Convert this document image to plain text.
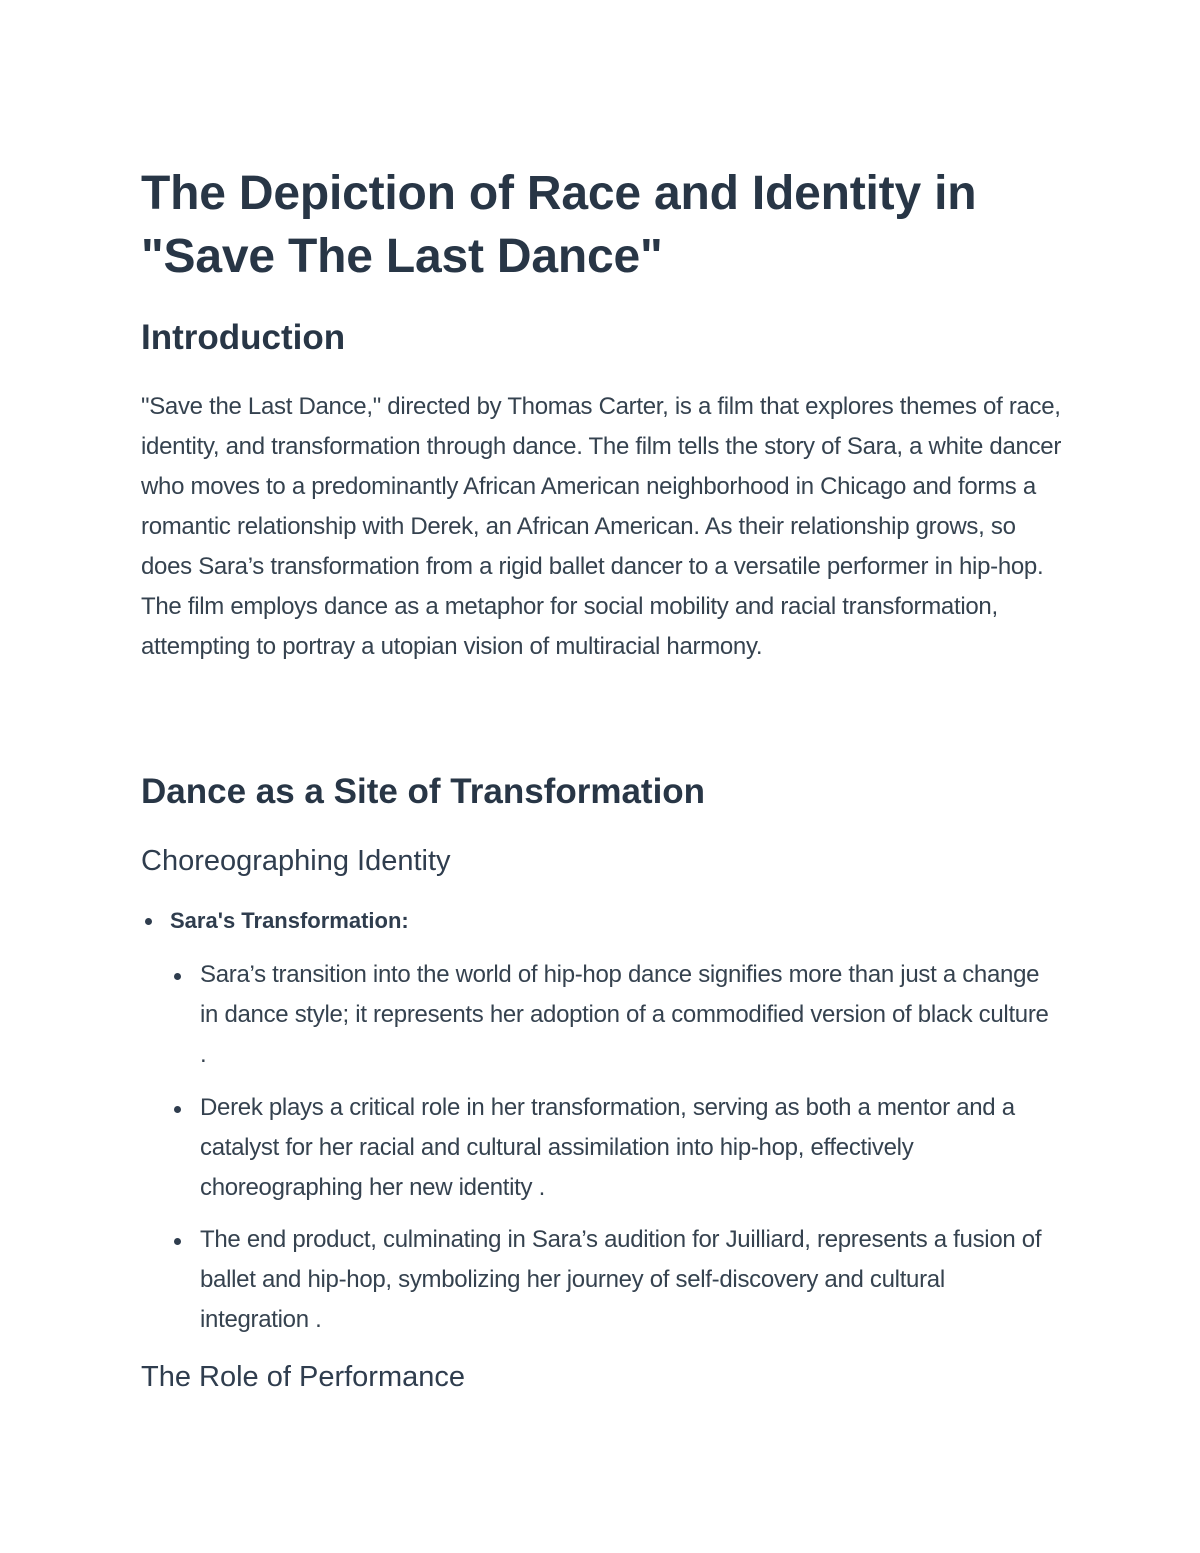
The Depiction of Race and Identity in "Save The Last Dance"
Introduction

"Save the Last Dance," directed by Thomas Carter, is a film that explores themes of race, identity, and transformation through dance. The film tells the story of Sara, a white dancer who moves to a predominantly African American neighborhood in Chicago and forms a romantic relationship with Derek, an African American. As their relationship grows, so does Sara’s transformation from a rigid ballet dancer to a versatile performer in hip-hop. The film employs dance as a metaphor for social mobility and racial transformation, attempting to portray a utopian vision of multiracial harmony.

Dance as a Site of Transformation
Choreographing Identity
Sara's Transformation:
Sara’s transition into the world of hip-hop dance signifies more than just a change in dance style; it represents her adoption of a commodified version of black culture .
Derek plays a critical role in her transformation, serving as both a mentor and a catalyst for her racial and cultural assimilation into hip-hop, effectively choreographing her new identity .
The end product, culminating in Sara’s audition for Juilliard, represents a fusion of ballet and hip-hop, symbolizing her journey of self-discovery and cultural integration .
The Role of Performance
